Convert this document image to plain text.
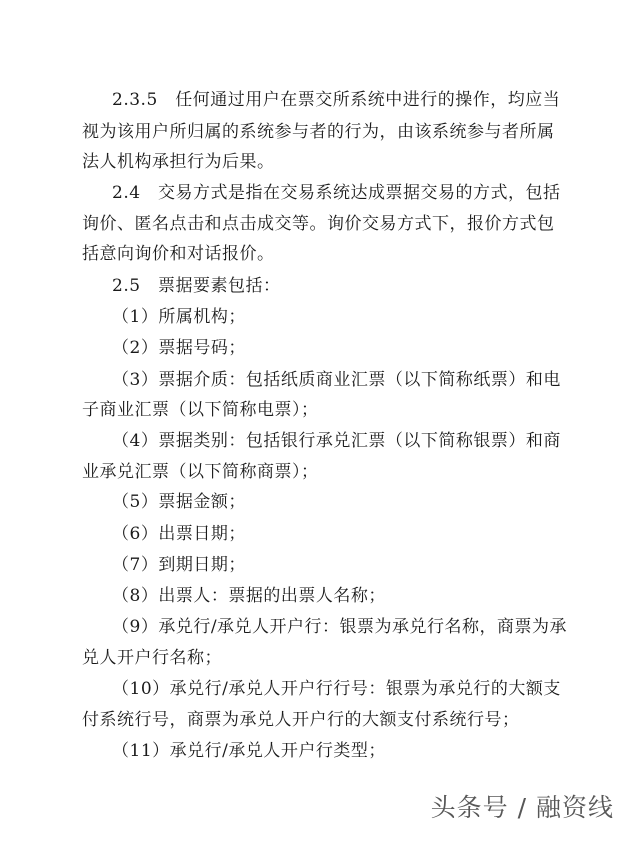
2.3.5　任何通过用户在票交所系统中进行的操作，均应当
视为该用户所归属的系统参与者的行为，由该系统参与者所属
法人机构承担行为后果。
2.4　交易方式是指在交易系统达成票据交易的方式，包括
询价、匿名点击和点击成交等。询价交易方式下，报价方式包
括意向询价和对话报价。
2.5　票据要素包括：
（1）所属机构；
（2）票据号码；
（3）票据介质：包括纸质商业汇票（以下简称纸票）和电
子商业汇票（以下简称电票）；
（4）票据类别：包括银行承兑汇票（以下简称银票）和商
业承兑汇票（以下简称商票）；
（5）票据金额；
（6）出票日期；
（7）到期日期；
（8）出票人：票据的出票人名称；
（9）承兑行/承兑人开户行：银票为承兑行名称，商票为承
兑人开户行名称；
（10）承兑行/承兑人开户行行号：银票为承兑行的大额支
付系统行号，商票为承兑人开户行的大额支付系统行号；
（11）承兑行/承兑人开户行类型；
头条号 / 融资线
